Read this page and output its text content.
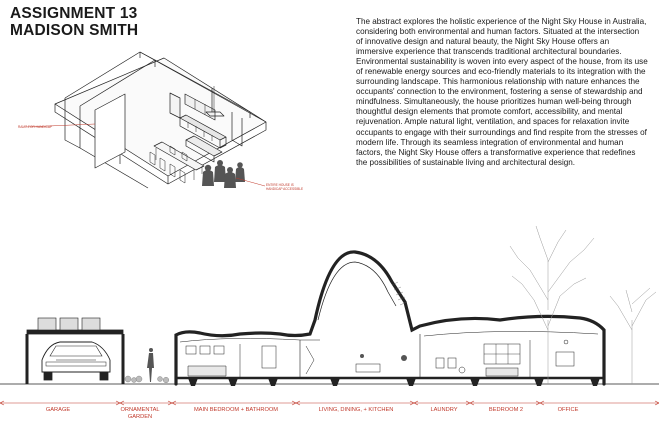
ASSIGNMENT 13
MADISON SMITH

The abstract explores the holistic experience of the Night Sky House in Australia, considering both environmental and human factors. Situated at the intersection of innovative design and natural beauty, the Night Sky House offers an immersive experience that transcends traditional architectural boundaries. Environmental sustainability is woven into every aspect of the house, from its use of renewable energy sources and eco-friendly materials to its integration with the surrounding landscape. This harmonious relationship with nature enhances the occupants' connection to the environment, fostering a sense of stewardship and mindfulness. Simultaneously, the house prioritizes human well-being through thoughtful design elements that promote comfort, accessibility, and mental rejuvenation. Ample natural light, ventilation, and spaces for relaxation invite occupants to engage with their surroundings and find respite from the stresses of modern life. Through its seamless integration of environmental and human factors, the Night Sky House offers a transformative experience that redefines the possibilities of sustainable living and architectural design.

RAMP FOR HANDICAP
ENTIRE HOUSE IS
HANDICAP ACCESSIBLE
GARAGE	ORNAMENTAL
GARDEN
MAIN BEDROOM + BATHROOM	LIVING, DINING, + KITCHEN	LAUNDRY	BEDROOM 2	OFFICE
